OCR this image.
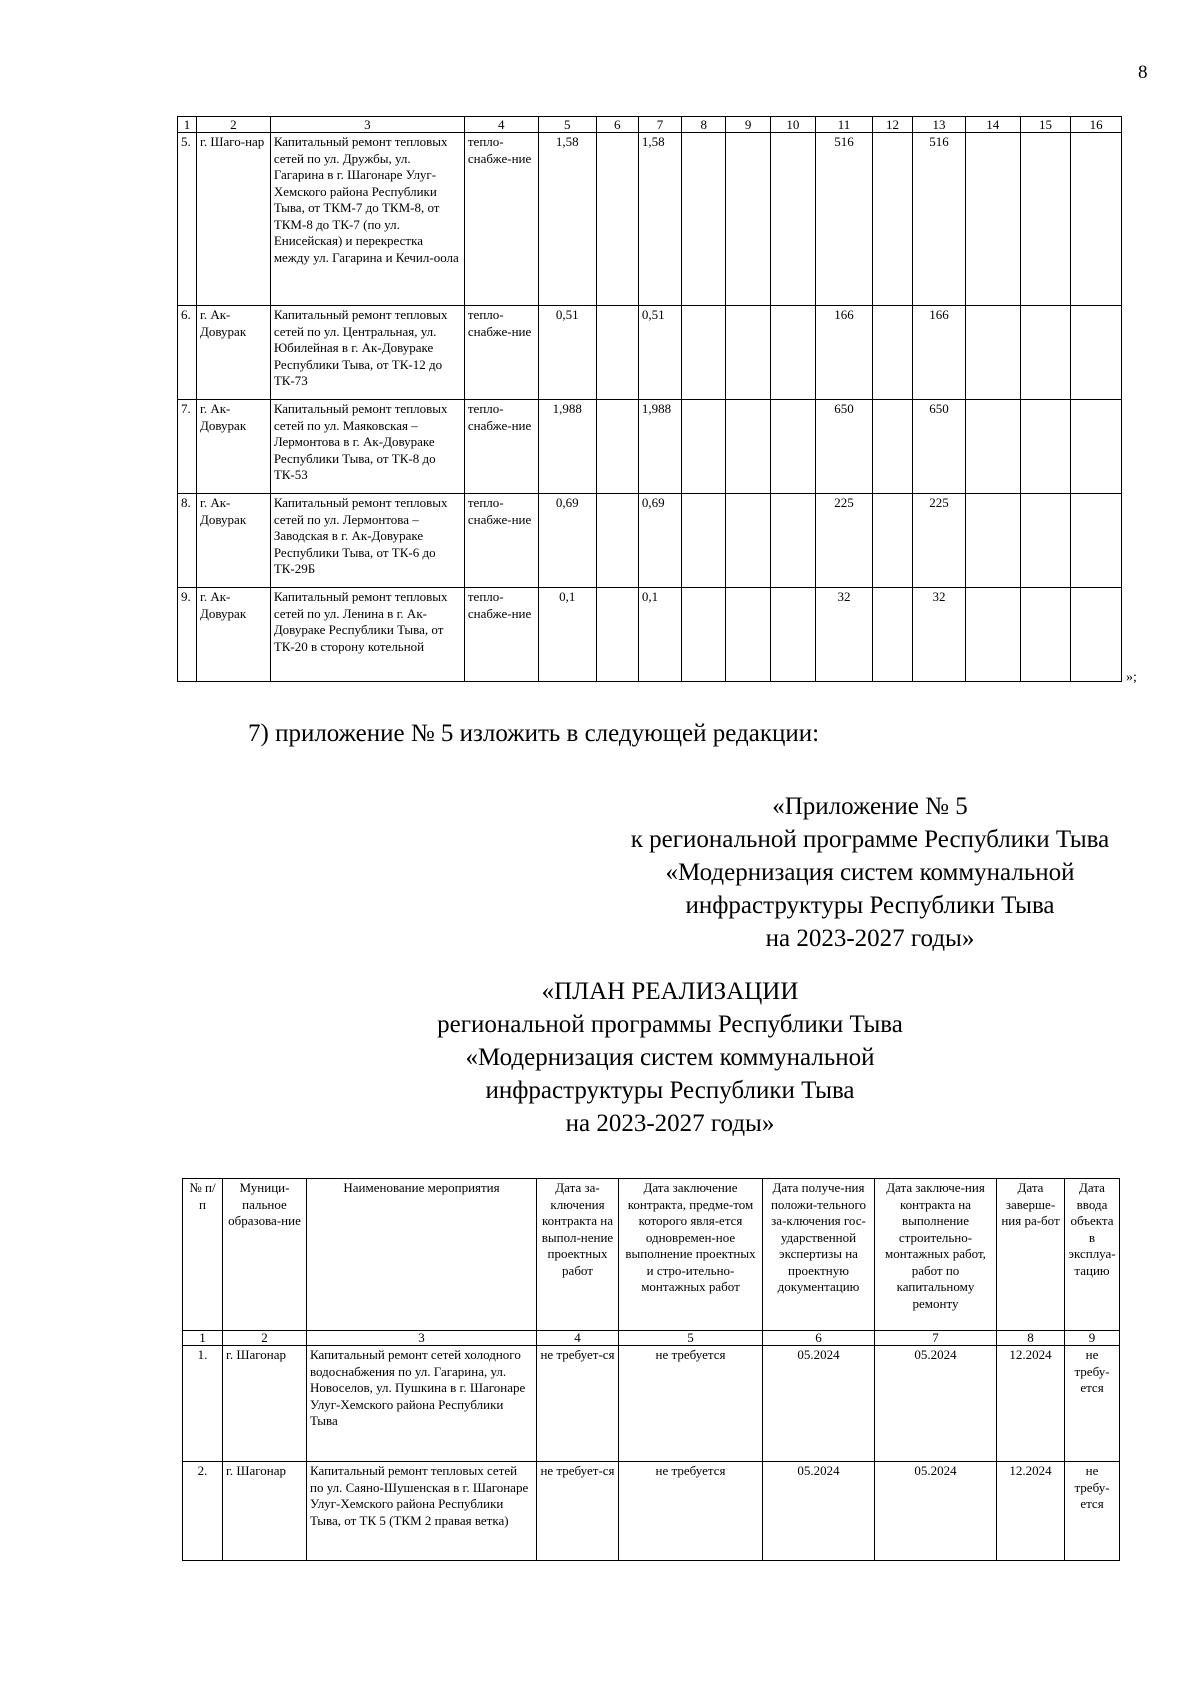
8
1	2	3	4	5	6	7	8	9	10	11	12	13	14	15	16
5.	г. Шаго-нар	Капитальный ремонт тепловых сетей по ул. Дружбы, ул. Гагарина в г. Шагонаре Улуг-Хемского района Республики Тыва, от ТКМ-7 до ТКМ-8, от ТКМ-8 до ТК-7 (по ул. Енисейская) и перекрестка между ул. Гагарина и Кечил-оола	тепло-снабже-ние	1,58		1,58				516		516			
6.	г. Ак-Довурак	Капитальный ремонт тепловых сетей по ул. Центральная, ул. Юбилейная в г. Ак-Довураке Республики Тыва, от ТК-12 до ТК-73	тепло-снабже-ние	0,51		0,51				166		166			
7.	г. Ак-Довурак	Капитальный ремонт тепловых сетей по ул. Маяковская – Лермонтова в г. Ак-Довураке Республики Тыва, от ТК-8 до ТК-53	тепло-снабже-ние	1,988		1,988				650		650			
8.	г. Ак-Довурак	Капитальный ремонт тепловых сетей по ул. Лермонтова – Заводская в г. Ак-Довураке Республики Тыва, от ТК-6 до ТК-29Б	тепло-снабже-ние	0,69		0,69				225		225			
9.	г. Ак-Довурак	Капитальный ремонт тепловых сетей по ул. Ленина в г. Ак-Довураке Республики Тыва, от ТК-20 в сторону котельной	тепло-снабже-ние	0,1		0,1				32		32			
»;
7) приложение № 5 изложить в следующей редакции:
«Приложение № 5
к региональной программе Республики Тыва
«Модернизация систем коммунальной
инфраструктуры Республики Тыва
на 2023-2027 годы»
«ПЛАН РЕАЛИЗАЦИИ
региональной программы Республики Тыва
«Модернизация систем коммунальной
инфраструктуры Республики Тыва
на 2023-2027 годы»
№ п/п	Муници-пальное образова-ние	Наименование мероприятия	Дата за-ключения контракта на выпол-нение проектных работ	Дата заключение контракта, предме-том которого явля-ется одновремен-ное выполнение проектных и стро-ительно-монтажных работ	Дата получе-ния положи-тельного за-ключения гос-ударственной экспертизы на проектную документацию	Дата заключе-ния контракта на выполнение строительно-монтажных работ, работ по капитальному ремонту	Дата заверше-ния ра-бот	Дата ввода объекта в эксплуа-тацию
1	2	3	4	5	6	7	8	9
1.	г. Шагонар	Капитальный ремонт сетей холодного водоснабжения по ул. Гагарина, ул. Новоселов, ул. Пушкина в г. Шагонаре Улуг-Хемского района Республики Тыва	не требует-ся	не требуется	05.2024	05.2024	12.2024	не требу-ется
2.	г. Шагонар	Капитальный ремонт тепловых сетей по ул. Саяно-Шушенская в г. Шагонаре Улуг-Хемского района Республики Тыва, от ТК 5 (ТКМ 2 правая ветка)	не требует-ся	не требуется	05.2024	05.2024	12.2024	не требу-ется
